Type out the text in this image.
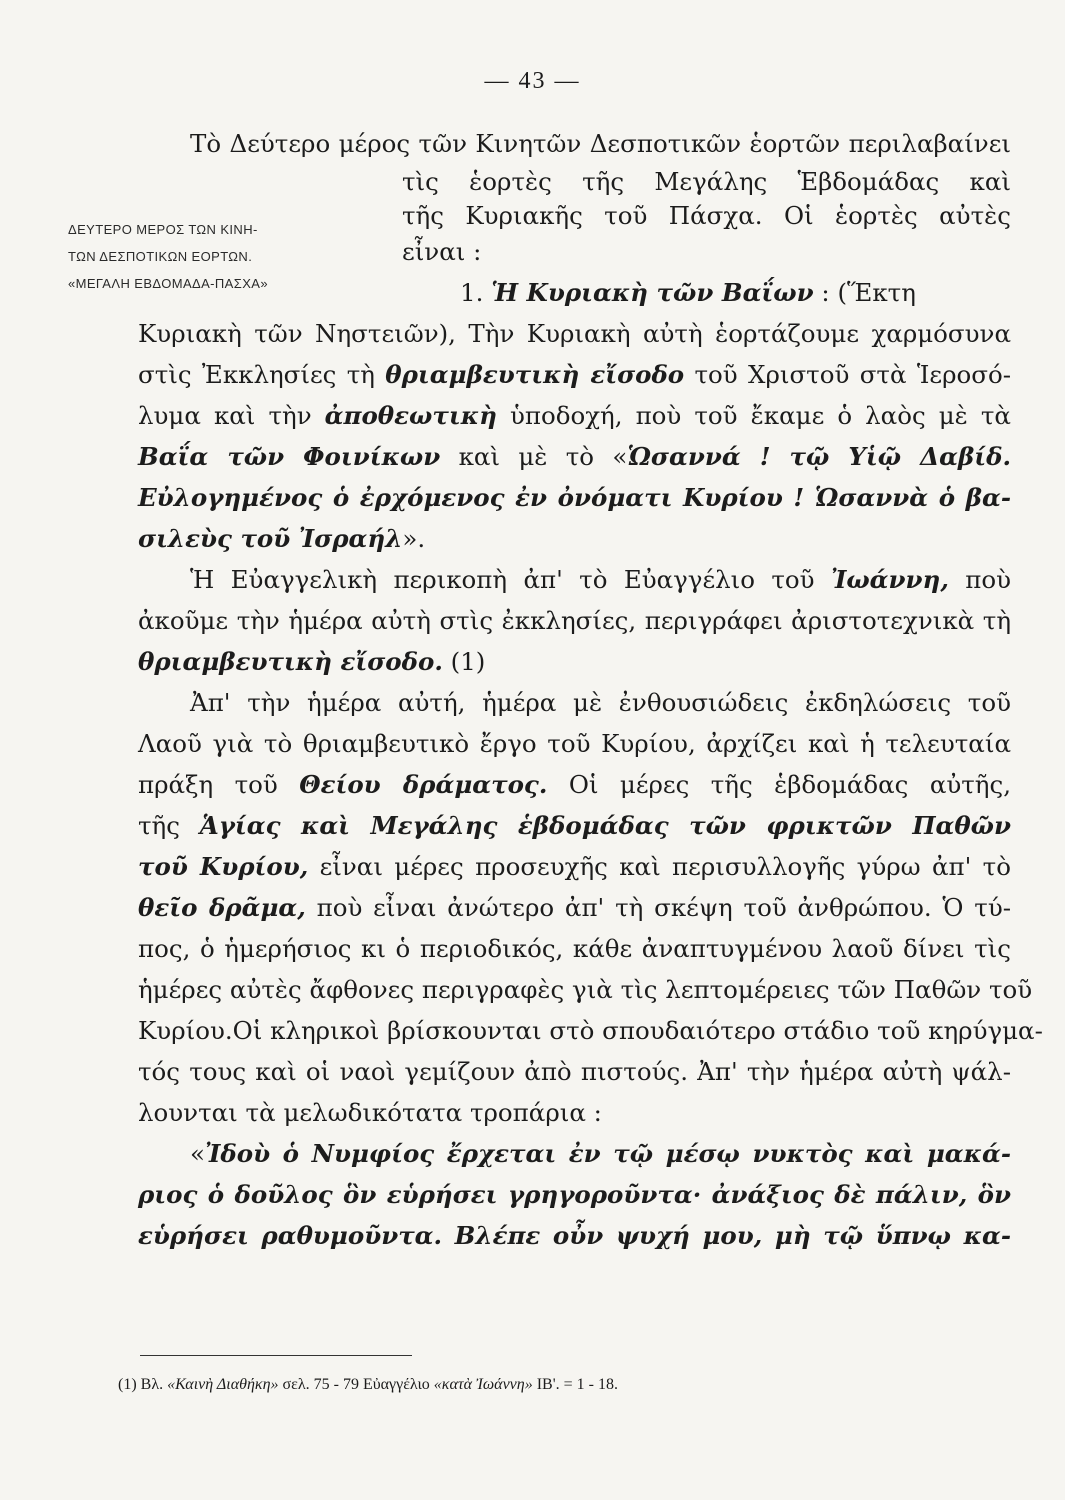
— 43 —
ΔΕΥΤΕΡΟ ΜΕΡΟΣ ΤΩΝ ΚΙΝΗ-
ΤΩΝ ΔΕΣΠΟΤΙΚΩΝ ΕΟΡΤΩΝ.
«ΜΕΓΑΛΗ ΕΒΔΟΜΑΔΑ-ΠΑΣΧΑ»
Τὸ Δεύτερο μέρος τῶν Κινητῶν Δεσποτικῶν ἑορτῶν περιλαβαίνει
τὶς ἑορτὲς τῆς Μεγάλης Ἑβδομάδας καὶ
τῆς Κυριακῆς τοῦ Πάσχα. Οἱ ἑορτὲς αὐτὲς
εἶναι :
1. Ἡ Κυριακὴ τῶν Βαΐων : (Ἕκτη
Κυριακὴ τῶν Νηστειῶν), Τὴν Κυριακὴ αὐτὴ ἑορτάζουμε χαρμόσυνα
στὶς Ἐκκλησίες τὴ θριαμβευτικὴ εἴσοδο τοῦ Χριστοῦ στὰ Ἱεροσό-
λυμα καὶ τὴν ἀποθεωτικὴ ὑποδοχή, ποὺ τοῦ ἔκαμε ὁ λαὸς μὲ τὰ
Βαΐα τῶν Φοινίκων καὶ μὲ τὸ «Ὡσαννά ! τῷ Υἱῷ Δαβίδ.
Εὐλογημένος ὁ ἐρχόμενος ἐν ὀνόματι Κυρίου ! Ὡσαννὰ ὁ βα-
σιλεὺς τοῦ Ἰσραήλ».
Ἡ Εὐαγγελικὴ περικοπὴ ἀπ' τὸ Εὐαγγέλιο τοῦ Ἰωάννη, ποὺ
ἀκοῦμε τὴν ἡμέρα αὐτὴ στὶς ἐκκλησίες, περιγράφει ἀριστοτεχνικὰ τὴ
θριαμβευτικὴ εἴσοδο. (1)
Ἀπ' τὴν ἡμέρα αὐτή, ἡμέρα μὲ ἐνθουσιώδεις ἐκδηλώσεις τοῦ
Λαοῦ γιὰ τὸ θριαμβευτικὸ ἔργο τοῦ Κυρίου, ἀρχίζει καὶ ἡ τελευταία
πράξη τοῦ Θείου δράματος. Οἱ μέρες τῆς ἑβδομάδας αὐτῆς,
τῆς Ἁγίας καὶ Μεγάλης ἑβδομάδας τῶν φρικτῶν Παθῶν
τοῦ Κυρίου, εἶναι μέρες προσευχῆς καὶ περισυλλογῆς γύρω ἀπ' τὸ
θεῖο δρᾶμα, ποὺ εἶναι ἀνώτερο ἀπ' τὴ σκέψη τοῦ ἀνθρώπου. Ὁ τύ-
πος, ὁ ἡμερήσιος κι ὁ περιοδικός, κάθε ἀναπτυγμένου λαοῦ δίνει τὶς
ἡμέρες αὐτὲς ἄφθονες περιγραφὲς γιὰ τὶς λεπτομέρειες τῶν Παθῶν τοῦ
Κυρίου.Οἱ κληρικοὶ βρίσκουνται στὸ σπουδαιότερο στάδιο τοῦ κηρύγμα-
τός τους καὶ οἱ ναοὶ γεμίζουν ἀπὸ πιστούς. Ἀπ' τὴν ἡμέρα αὐτὴ ψάλ-
λουνται τὰ μελωδικότατα τροπάρια :
«Ἰδοὺ ὁ Νυμφίος ἔρχεται ἐν τῷ μέσῳ νυκτὸς καὶ μακά-
ριος ὁ δοῦλος ὃν εὑρήσει γρηγοροῦντα· ἀνάξιος δὲ πάλιν, ὃν
εὑρήσει ραθυμοῦντα. Βλέπε οὖν ψυχή μου, μὴ τῷ ὕπνῳ κα-
(1) Βλ. «Καινὴ Διαθήκη» σελ. 75 - 79 Εὐαγγέλιο «κατὰ Ἰωάννη» ΙΒ'. = 1 - 18.
